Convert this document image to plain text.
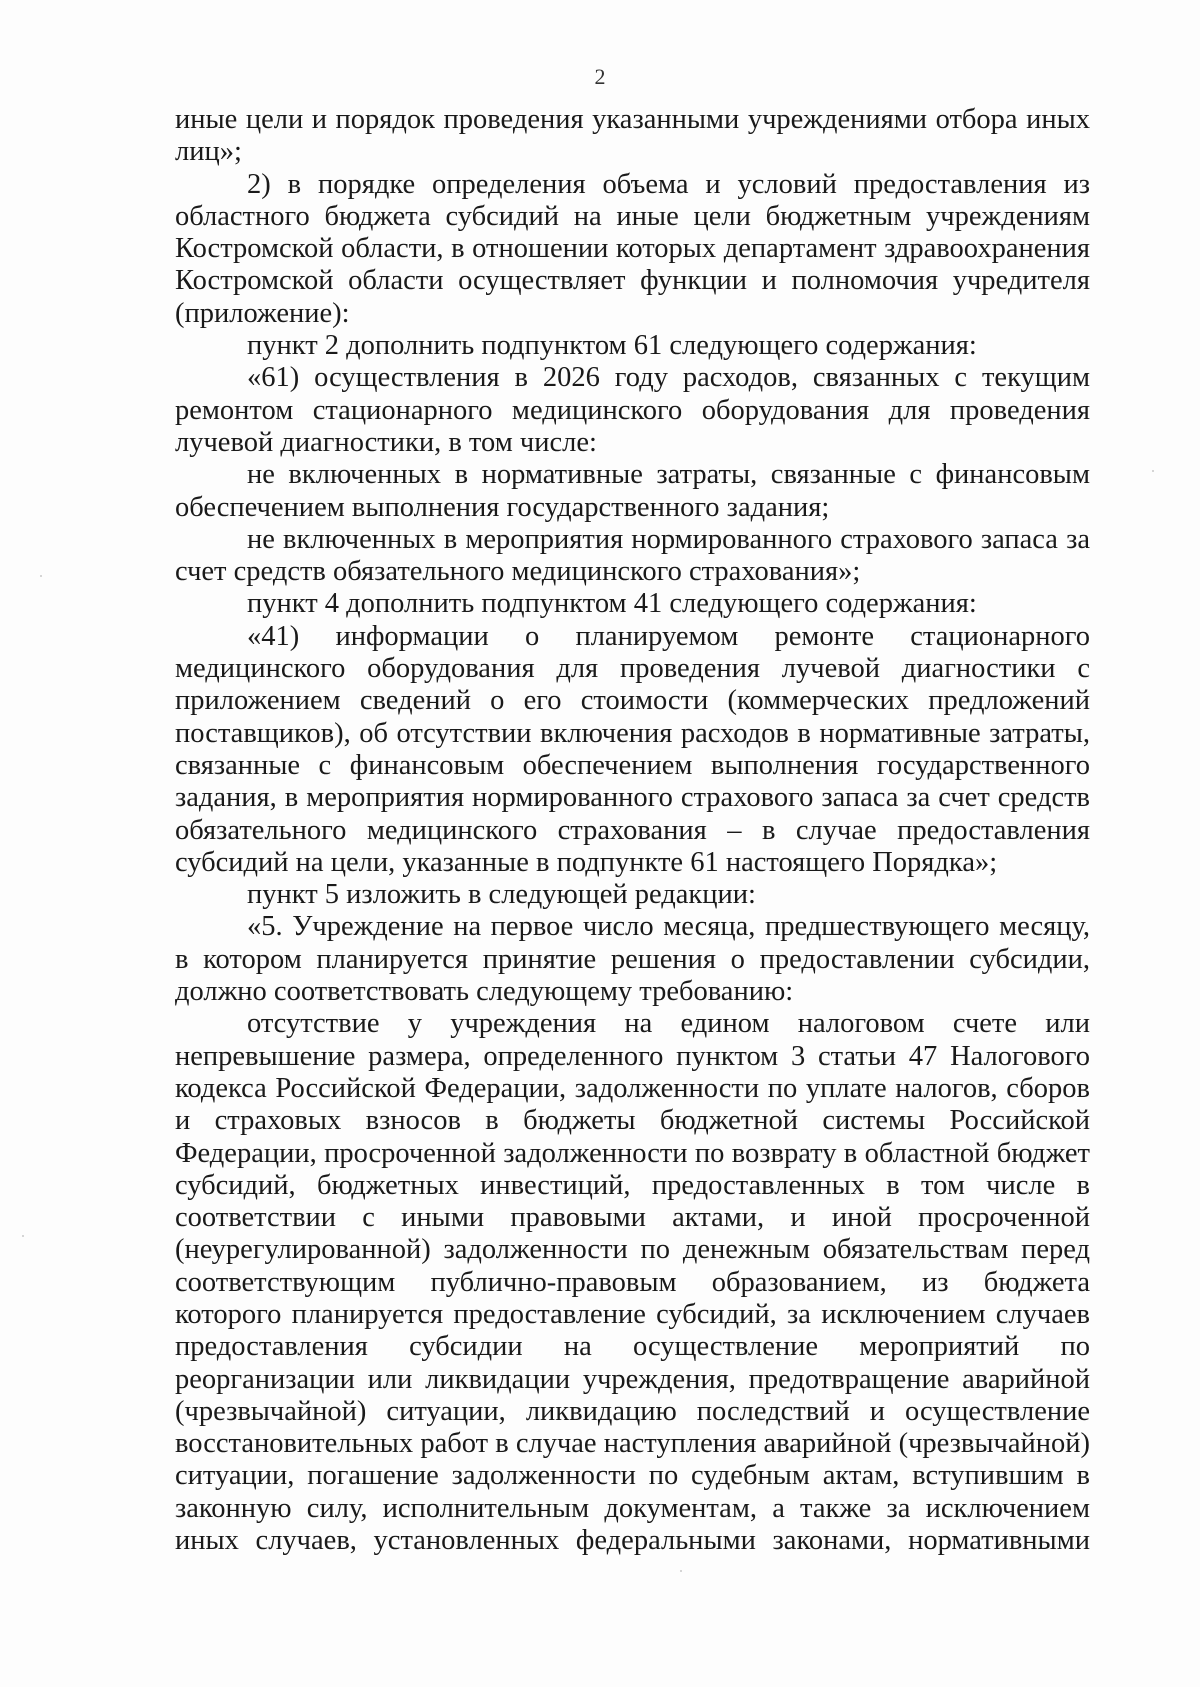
2

иные цели и порядок проведения указанными учреждениями отбора иных лиц»;

2) в порядке определения объема и условий предоставления из областного бюджета субсидий на иные цели бюджетным учреждениям Костромской области, в отношении которых департамент здравоохранения Костромской области осуществляет функции и полномочия учредителя (приложение):

пункт 2 дополнить подпунктом 61 следующего содержания:

«61) осуществления в 2026 году расходов, связанных с текущим ремонтом стационарного медицинского оборудования для проведения лучевой диагностики, в том числе:

не включенных в нормативные затраты, связанные с финансовым обеспечением выполнения государственного задания;

не включенных в мероприятия нормированного страхового запаса за счет средств обязательного медицинского страхования»;

пункт 4 дополнить подпунктом 41 следующего содержания:

«41) информации о планируемом ремонте стационарного медицинского оборудования для проведения лучевой диагностики с приложением сведений о его стоимости (коммерческих предложений поставщиков), об отсутствии включения расходов в нормативные затраты, связанные с финансовым обеспечением выполнения государственного задания, в мероприятия нормированного страхового запаса за счет средств обязательного медицинского страхования – в случае предоставления субсидий на цели, указанные в подпункте 61 настоящего Порядка»;

пункт 5 изложить в следующей редакции:

«5. Учреждение на первое число месяца, предшествующего месяцу, в котором планируется принятие решения о предоставлении субсидии, должно соответствовать следующему требованию:

отсутствие у учреждения на едином налоговом счете или непревышение размера, определенного пунктом 3 статьи 47 Налогового кодекса Российской Федерации, задолженности по уплате налогов, сборов и страховых взносов в бюджеты бюджетной системы Российской Федерации, просроченной задолженности по возврату в областной бюджет субсидий, бюджетных инвестиций, предоставленных в том числе в соответствии с иными правовыми актами, и иной просроченной (неурегулированной) задолженности по денежным обязательствам перед соответствующим публично-правовым образованием, из бюджета которого планируется предоставление субсидий, за исключением случаев предоставления субсидии на осуществление мероприятий по реорганизации или ликвидации учреждения, предотвращение аварийной (чрезвычайной) ситуации, ликвидацию последствий и осуществление восстановительных работ в случае наступления аварийной (чрезвычайной) ситуации, погашение задолженности по судебным актам, вступившим в законную силу, исполнительным документам, а также за исключением иных случаев, установленных федеральными законами, нормативными
